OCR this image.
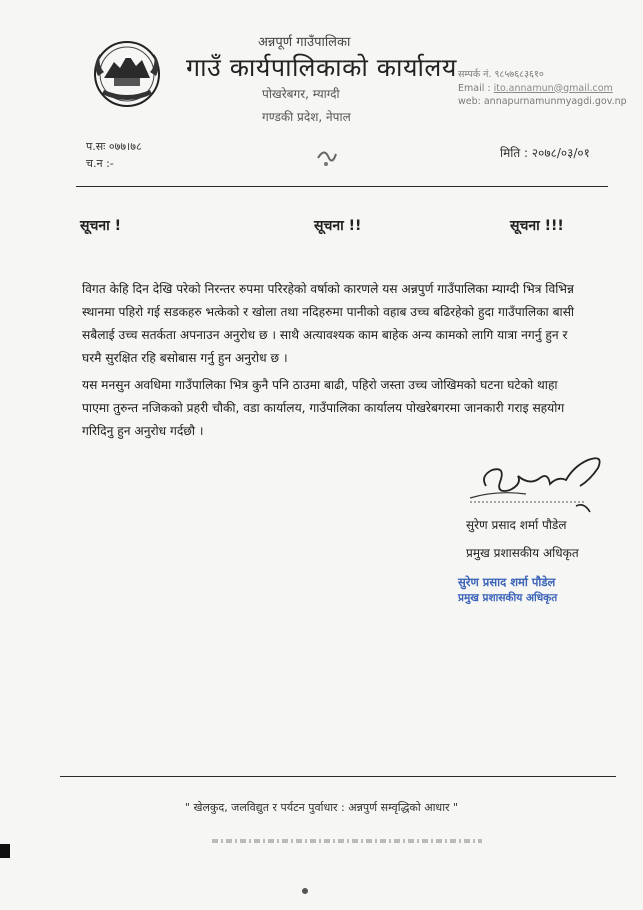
अन्नपूर्ण गाउँपालिका
गाउँ कार्यपालिकाको कार्यालय
पोखरेबगर, म्याग्दी
गण्डकी प्रदेश, नेपाल
सम्पर्क नं. ९८५७६८३६१०
Email : ito.annamun@gmail.com
web: annapurnamunmyagdi.gov.np
प.सः ०७७।७८
च.न :-
मिति : २०७८/०३/०१
सूचना !	सूचना !!	सूचना !!!
विगत केहि दिन देखि परेको निरन्तर रुपमा परिरहेको वर्षाको कारणले यस अन्नपुर्ण गाउँपालिका म्याग्दी भित्र विभिन्न स्थानमा पहिरो गई सडकहरु भत्केको र खोला तथा नदिहरुमा पानीको वहाब उच्च बढिरहेको हुदा गाउँपालिका बासी सबैलाई उच्च सतर्कता अपनाउन अनुरोध छ । साथै अत्यावश्यक काम बाहेक अन्य कामको लागि यात्रा नगर्नु हुन र घरमै सुरक्षित रहि बसोबास गर्नु हुन अनुरोध छ ।
यस मनसुन अवधिमा गाउँपालिका भित्र कुनै पनि ठाउमा बाढी, पहिरो जस्ता उच्च जोखिमको घटना घटेको थाहा पाएमा तुरुन्त नजिकको प्रहरी चौकी, वडा कार्यालय, गाउँपालिका कार्यालय पोखरेबगरमा जानकारी गराइ सहयोग गरिदिनु हुन अनुरोध गर्दछौ ।
सुरेण प्रसाद शर्मा पौडेल
प्रमुख प्रशासकीय अधिकृत
सुरेण प्रसाद शर्मा पौडेल
प्रमुख प्रशासकीय अधिकृत
" खेलकुद, जलविद्युत र पर्यटन पुर्वाधार : अन्नपुर्ण सम्वृद्धिको आधार "
